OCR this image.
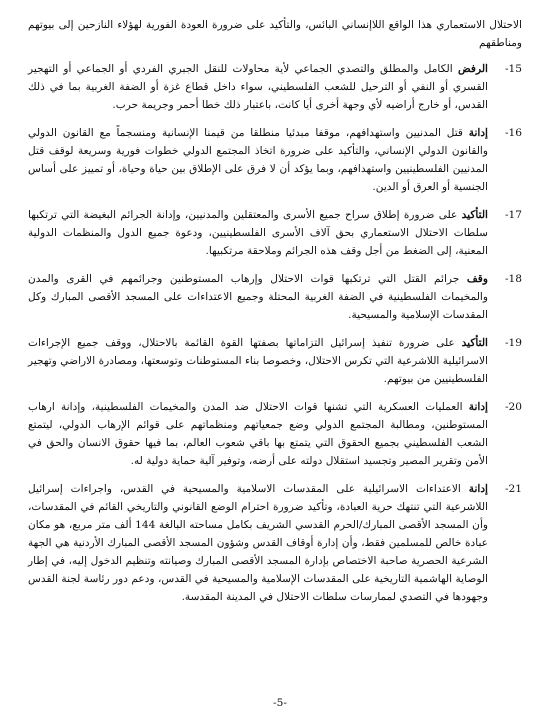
الاحتلال الاستعماري هذا الواقع اللاإنساني البائس، والتأكيد على ضرورة العودة الفورية لهؤلاء النازحين إلى بيوتهم ومناطقهم

-15
الرفض الكامل والمطلق والتصدي الجماعي لأية محاولات للنقل الجبري الفردي أو الجماعي أو التهجير القسري أو النفي أو الترحيل للشعب الفلسطيني، سواء داخل قطاع غزة أو الضفة الغربية بما في ذلك القدس، أو خارج أراضيه لأي وجهة أخرى أيا كانت، باعتبار ذلك خطا أحمر وجريمة حرب.
-16
إدانة قتل المدنيين واستهدافهم، موقفا مبدئيا منطلقا من قيمنا الإنسانية ومنسجماً مع القانون الدولي والقانون الدولي الإنساني، والتأكيد على ضرورة اتخاذ المجتمع الدولي خطوات فورية وسريعة لوقف قتل المدنيين الفلسطينيين واستهدافهم، وبما يؤكد أن لا فرق على الإطلاق بين حياة وحياة، أو تمييز على أساس الجنسية أو العرق أو الدين.
-17
التأكيد على ضرورة إطلاق سراح جميع الأسرى والمعتقلين والمدنيين، وإدانة الجرائم البغيضة التي ترتكبها سلطات الاحتلال الاستعماري بحق آلاف الأسرى الفلسطينيين، ودعوة جميع الدول والمنظمات الدولية المعنية، إلى الضغط من أجل وقف هذه الجرائم وملاحقة مرتكبيها.
-18
وقف جرائم القتل التي ترتكبها قوات الاحتلال وإرهاب المستوطنين وجرائمهم في القرى والمدن والمخيمات الفلسطينية في الضفة الغربية المحتلة وجميع الاعتداءات على المسجد الأقصى المبارك وكل المقدسات الإسلامية والمسيحية.
-19
التأكيد على ضرورة تنفيذ إسرائيل التزاماتها بصفتها القوة القائمة بالاحتلال، ووقف جميع الإجراءات الاسرائيلية اللاشرعية التي تكرس الاحتلال، وخصوصا بناء المستوطنات وتوسعتها، ومصادرة الاراضي وتهجير الفلسطينيين من بيوتهم.
-20
إدانة العمليات العسكرية التي تشنها قوات الاحتلال ضد المدن والمخيمات الفلسطينية، وإدانة ارهاب المستوطنين، ومطالبة المجتمع الدولي وضع جمعياتهم ومنظماتهم على قوائم الإرهاب الدولي، ليتمتع الشعب الفلسطيني بجميع الحقوق التي يتمتع بها باقي شعوب العالم، بما فيها حقوق الانسان والحق في الأمن وتقرير المصير وتجسيد استقلال دولته على أرضه، وتوفير آلية حماية دولية له.
-21
إدانة الاعتداءات الاسرائيلية على المقدسات الاسلامية والمسيحية في القدس، واجراءات إسرائيل اللاشرعية التي تنتهك حرية العبادة، وتأكيد ضرورة احترام الوضع القانوني والتاريخي القائم في المقدسات، وأن المسجد الأقصى المبارك/الحرم القدسي الشريف بكامل مساحته البالغة 144 ألف متر مربع، هو مكان عبادة خالص للمسلمين فقط، وأن إدارة أوقاف القدس وشؤون المسجد الأقصى المبارك الأردنية هي الجهة الشرعية الحصرية صاحبة الاختصاص بإدارة المسجد الأقصى المبارك وصيانته وتنظيم الدخول إليه، في إطار الوصاية الهاشمية التاريخية على المقدسات الإسلامية والمسيحية في القدس، ودعم دور رئاسة لجنة القدس وجهودها في التصدي لممارسات سلطات الاحتلال في المدينة المقدسة.
-5-
